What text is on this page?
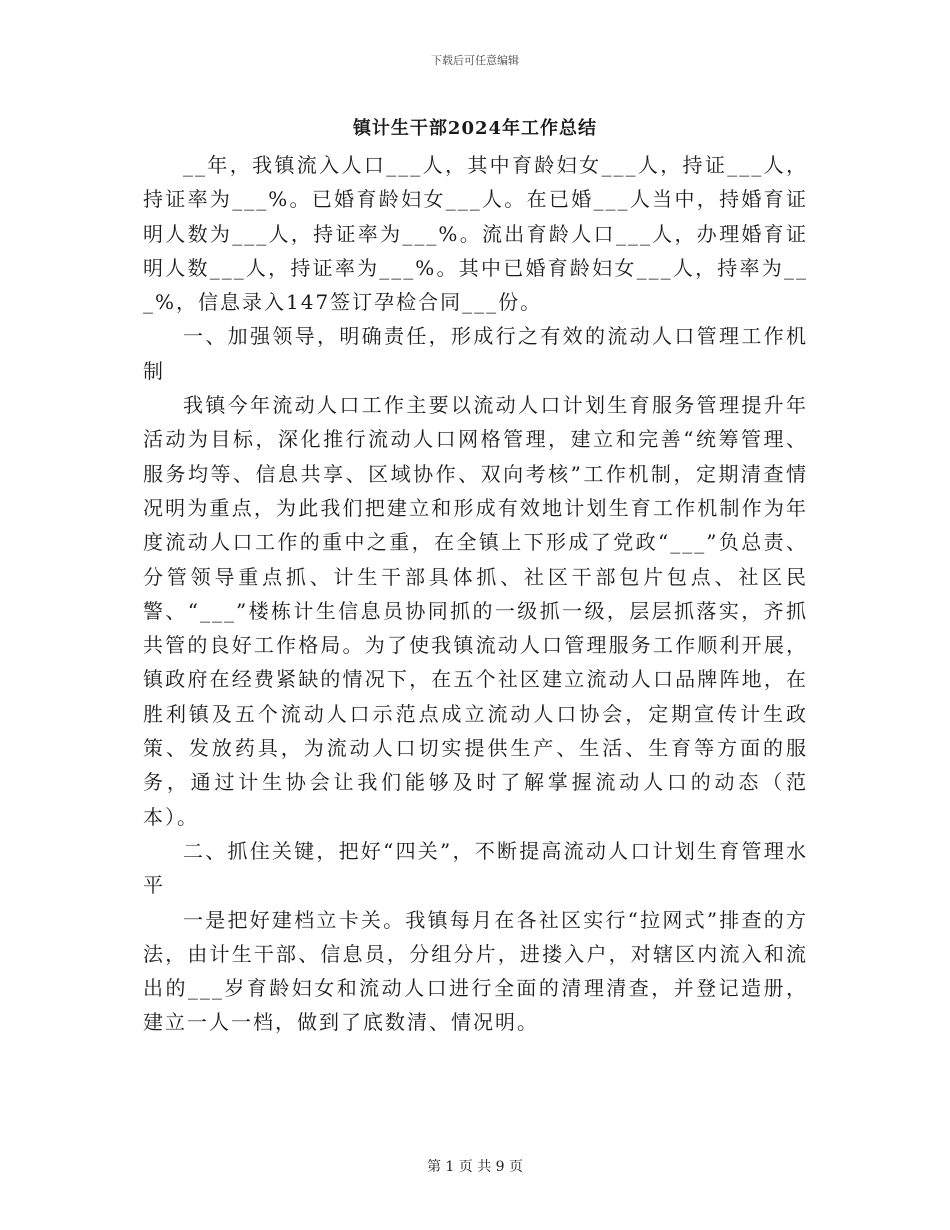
下载后可任意编辑
镇计生干部2024年工作总结

__年，我镇流入人口___人，其中育龄妇女___人，持证___人，持证率为___%。已婚育龄妇女___人。在已婚___人当中，持婚育证明人数为___人，持证率为___%。流出育龄人口___人，办理婚育证明人数___人，持证率为___%。其中已婚育龄妇女___人，持率为___%，信息录入147签订孕检合同___份。

一、加强领导，明确责任，形成行之有效的流动人口管理工作机制

我镇今年流动人口工作主要以流动人口计划生育服务管理提升年活动为目标，深化推行流动人口网格管理，建立和完善“统筹管理、服务均等、信息共享、区域协作、双向考核”工作机制，定期清查情况明为重点，为此我们把建立和形成有效地计划生育工作机制作为年度流动人口工作的重中之重，在全镇上下形成了党政“___”负总责、分管领导重点抓、计生干部具体抓、社区干部包片包点、社区民警、“___”楼栋计生信息员协同抓的一级抓一级，层层抓落实，齐抓共管的良好工作格局。为了使我镇流动人口管理服务工作顺利开展，镇政府在经费紧缺的情况下，在五个社区建立流动人口品牌阵地，在胜利镇及五个流动人口示范点成立流动人口协会，定期宣传计生政策、发放药具，为流动人口切实提供生产、生活、生育等方面的服务，通过计生协会让我们能够及时了解掌握流动人口的动态（范本）。

二、抓住关键，把好“四关”，不断提高流动人口计划生育管理水平

一是把好建档立卡关。我镇每月在各社区实行“拉网式”排查的方法，由计生干部、信息员，分组分片，进搂入户，对辖区内流入和流出的___岁育龄妇女和流动人口进行全面的清理清查，并登记造册，建立一人一档，做到了底数清、情况明。

第 1 页 共 9 页
